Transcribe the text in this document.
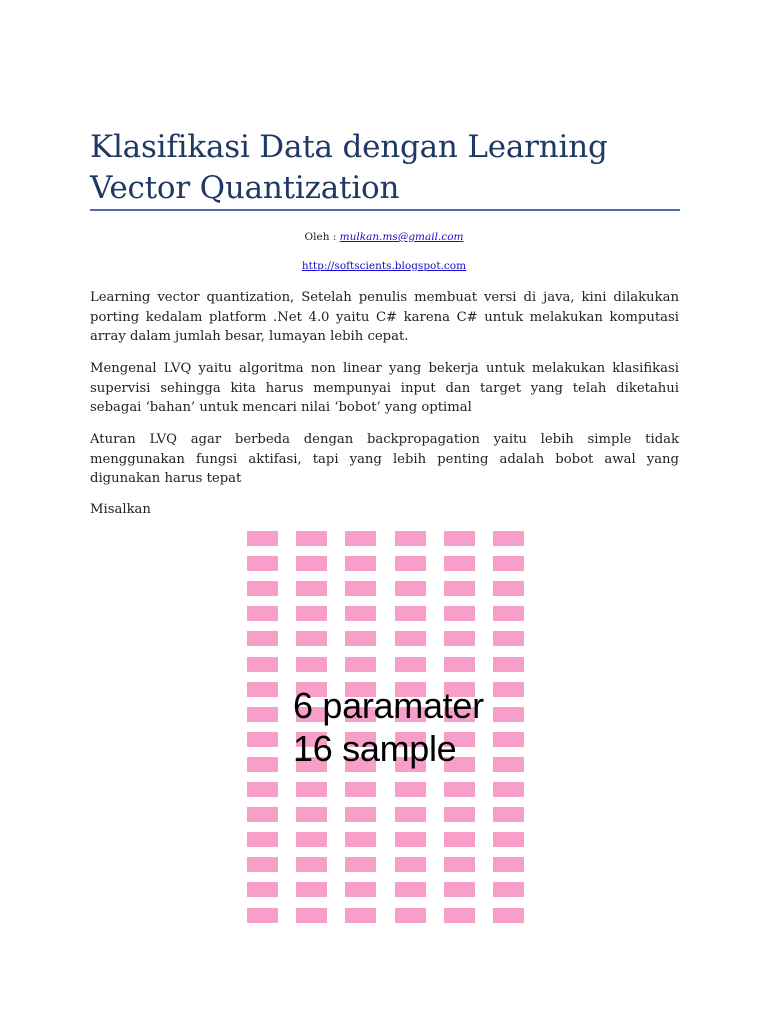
Klasifikasi Data dengan Learning Vector Quantization
Oleh : mulkan.ms@gmail.com
http://softscients.blogspot.com
Learning vector quantization, Setelah penulis membuat versi di java, kini dilakukan porting kedalam platform .Net 4.0 yaitu C# karena C# untuk melakukan komputasi array dalam jumlah besar, lumayan lebih cepat.
Mengenal LVQ yaitu algoritma non linear yang bekerja untuk melakukan klasifikasi supervisi sehingga kita harus mempunyai input dan target yang telah diketahui sebagai ‘bahan’ untuk mencari nilai ‘bobot’ yang optimal
Aturan LVQ agar berbeda dengan backpropagation yaitu lebih simple tidak menggunakan fungsi aktifasi, tapi yang lebih penting adalah bobot awal yang digunakan harus tepat
Misalkan
6 paramater
16 sample
